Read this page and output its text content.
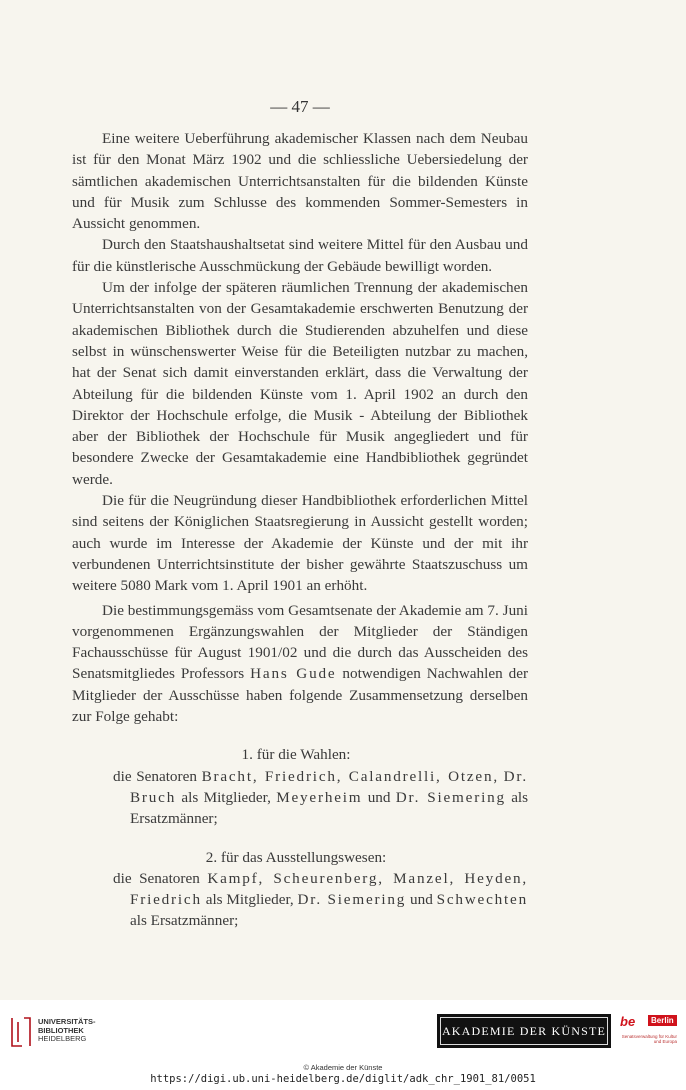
— 47 —

Eine weitere Ueberführung akademischer Klassen nach dem Neubau ist für den Monat März 1902 und die schliessliche Uebersiedelung der sämtlichen akademischen Unterrichtsanstalten für die bildenden Künste und für Musik zum Schlusse des kommenden Sommer-Semesters in Aussicht genommen.

Durch den Staatshaushaltsetat sind weitere Mittel für den Ausbau und für die künstlerische Ausschmückung der Gebäude bewilligt worden.

Um der infolge der späteren räumlichen Trennung der akademischen Unterrichtsanstalten von der Gesamtakademie erschwerten Benutzung der akademischen Bibliothek durch die Studierenden abzuhelfen und diese selbst in wünschenswerter Weise für die Beteiligten nutzbar zu machen, hat der Senat sich damit einverstanden erklärt, dass die Verwaltung der Abteilung für die bildenden Künste vom 1. April 1902 an durch den Direktor der Hochschule erfolge, die Musik - Abteilung der Bibliothek aber der Bibliothek der Hochschule für Musik angegliedert und für besondere Zwecke der Gesamtakademie eine Handbibliothek gegründet werde.

Die für die Neugründung dieser Handbibliothek erforderlichen Mittel sind seitens der Königlichen Staatsregierung in Aussicht gestellt worden; auch wurde im Interesse der Akademie der Künste und der mit ihr verbundenen Unterrichtsinstitute der bisher gewährte Staatszuschuss um weitere 5080 Mark vom 1. April 1901 an erhöht.

Die bestimmungsgemäss vom Gesamtsenate der Akademie am 7. Juni vorgenommenen Ergänzungswahlen der Mitglieder der Ständigen Fachausschüsse für August 1901/02 und die durch das Ausscheiden des Senatsmitgliedes Professors Hans Gude notwendigen Nachwahlen der Mitglieder der Ausschüsse haben folgende Zusammensetzung derselben zur Folge gehabt:

1. für die Wahlen:

die Senatoren Bracht, Friedrich, Calandrelli, Otzen, Dr. Bruch als Mitglieder, Meyerheim und Dr. Siemering als Ersatzmänner;

2. für das Ausstellungswesen:

die Senatoren Kampf, Scheurenberg, Manzel, Heyden, Friedrich als Mitglieder, Dr. Siemering und Schwechten als Ersatzmänner;

UNIVERSITÄTS-
BIBLIOTHEK
HEIDELBERG
AKADEMIE DER KÜNSTE
be	Berlin
Senatsverwaltung für Kultur und Europa
© Akademie der Künste
https://digi.ub.uni-heidelberg.de/diglit/adk_chr_1901_81/0051
